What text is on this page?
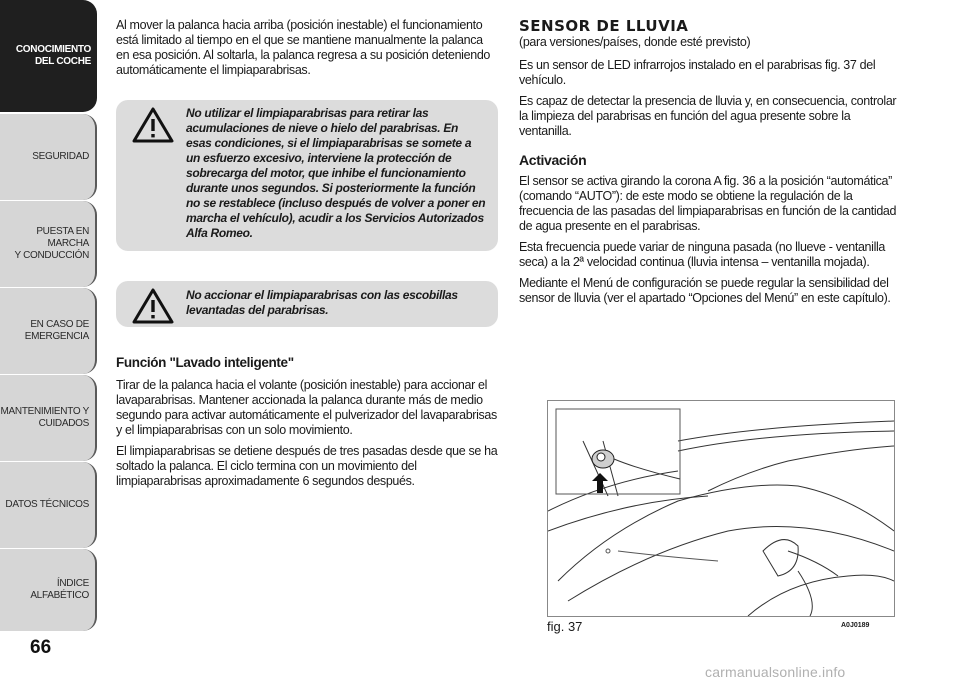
CONOCIMIENTO
DEL COCHE
SEGURIDAD
PUESTA EN MARCHA
Y CONDUCCIÓN
EN CASO DE
EMERGENCIA
MANTENIMIENTO Y
CUIDADOS
DATOS TÉCNICOS
ÍNDICE ALFABÉTICO
66

Al mover la palanca hacia arriba (posición inestable) el funcionamiento está limitado al tiempo en el que se mantiene manualmente la palanca en esa posición. Al soltarla, la palanca regresa a su posición deteniendo automáticamente el limpiaparabrisas.

No utilizar el limpiaparabrisas para retirar las acumulaciones de nieve o hielo del parabrisas. En esas condiciones, si el limpiaparabrisas se somete a un esfuerzo excesivo, interviene la protección de sobrecarga del motor, que inhibe el funcionamiento durante unos segundos. Si posteriormente la función no se restablece (incluso después de volver a poner en marcha el vehículo), acudir a los Servicios Autorizados Alfa Romeo.
No accionar el limpiaparabrisas con las escobillas levantadas del parabrisas.
Función "Lavado inteligente"

Tirar de la palanca hacia el volante (posición inestable) para accionar el lavaparabrisas. Mantener accionada la palanca durante más de medio segundo para activar automáticamente el pulverizador del lavaparabrisas y el limpiaparabrisas con un solo movimiento.

El limpiaparabrisas se detiene después de tres pasadas desde que se ha soltado la palanca. El ciclo termina con un movimiento del limpiaparabrisas aproximadamente 6 segundos después.

SENSOR DE LLUVIA

(para versiones/países, donde esté previsto)

Es un sensor de LED infrarrojos instalado en el parabrisas fig. 37 del vehículo.

Es capaz de detectar la presencia de lluvia y, en consecuencia, controlar la limpieza del parabrisas en función del agua presente sobre la ventanilla.

Activación

El sensor se activa girando la corona A fig. 36 a la posición “automática” (comando “AUTO”): de este modo se obtiene la regulación de la frecuencia de las pasadas del limpiaparabrisas en función de la cantidad de agua presente en el parabrisas.

Esta frecuencia puede variar de ninguna pasada (no llueve - ventanilla seca) a la 2ª velocidad continua (lluvia intensa – ventanilla mojada).

Mediante el Menú de configuración se puede regular la sensibilidad del sensor de lluvia (ver el apartado “Opciones del Menú” en este capítulo).

fig. 37	A0J0189
carmanualsonline.info
